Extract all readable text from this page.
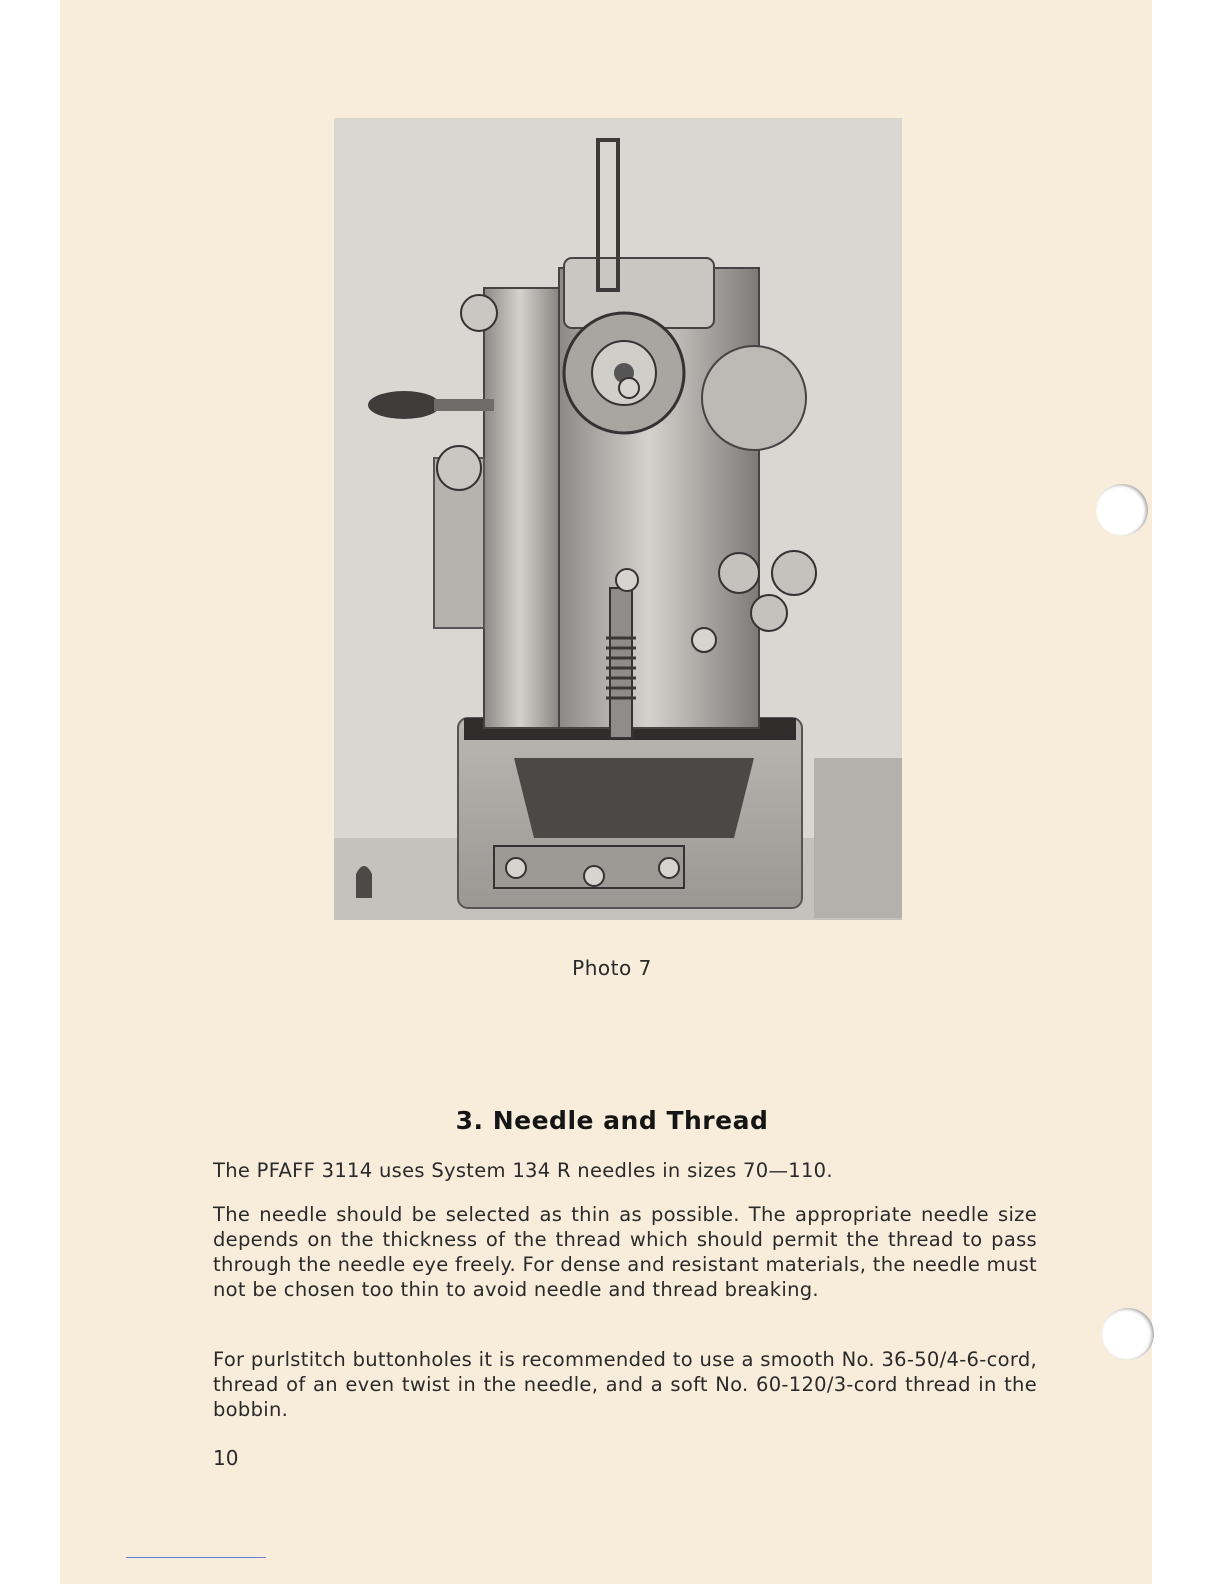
Photo 7
3. Needle and Thread
The PFAFF 3114 uses System 134 R needles in sizes 70—110.
The needle should be selected as thin as possible. The appropriate needle size depends on the thickness of the thread which should permit the thread to pass through the needle eye freely. For dense and resistant materials, the needle must not be chosen too thin to avoid needle and thread breaking.
For purlstitch buttonholes it is recommended to use a smooth No. 36-50/4-6-cord, thread of an even twist in the needle, and a soft No. 60-120/3-cord thread in the bobbin.
10
